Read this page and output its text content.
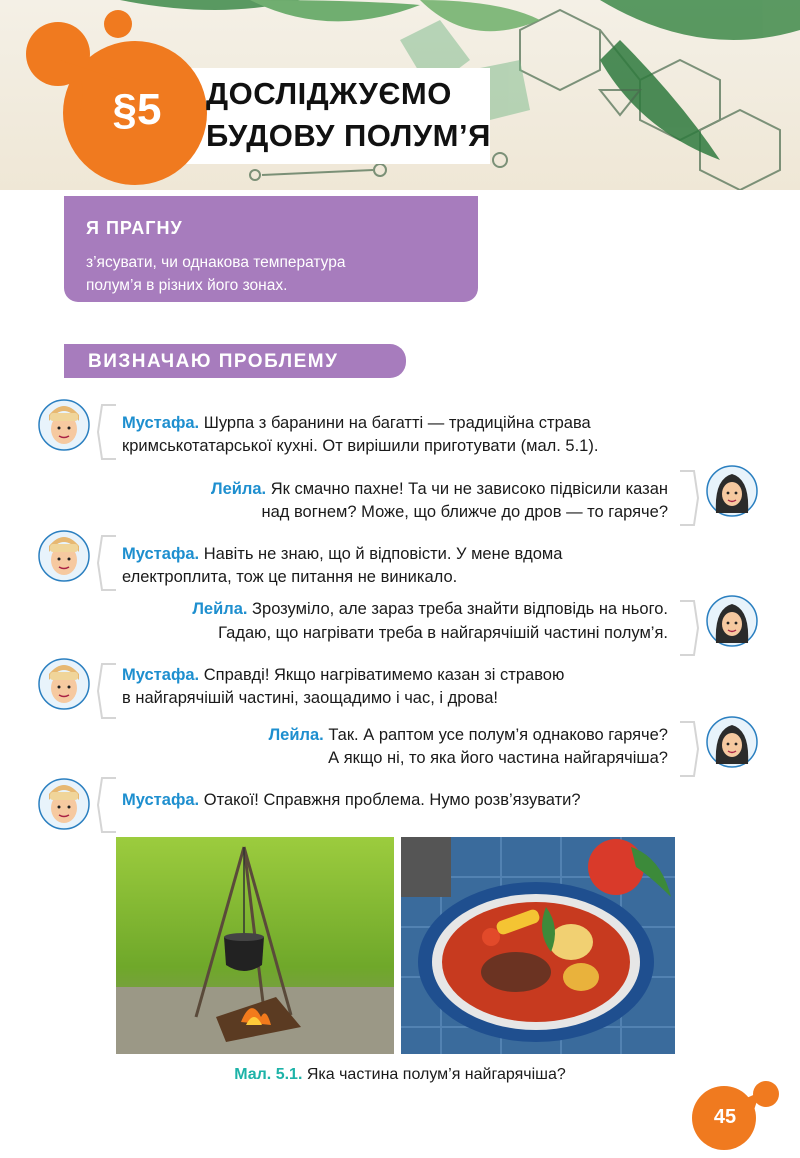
§5	ДОСЛІДЖУЄМО
БУДОВУ ПОЛУМ’Я
Я ПРАГНУ
з’ясувати, чи однакова температура
полум’я в різних його зонах.
ВИЗНАЧАЮ ПРОБЛЕМУ
Мустафа. Шурпа з баранини на багатті — традиційна страва
кримськотатарської кухні. От вирішили приготувати (мал. 5.1).
Лейла. Як смачно пахне! Та чи не зависоко підвісили казан
над вогнем? Може, що ближче до дров — то гаряче?
Мустафа. Навіть не знаю, що й відповісти. У мене вдома
електроплита, тож це питання не виникало.
Лейла. Зрозуміло, але зараз треба знайти відповідь на нього.
Гадаю, що нагрівати треба в найгарячішій частині полум’я.
Мустафа. Справді! Якщо нагріватимемо казан зі стравою
в найгарячішій частині, заощадимо і час, і дрова!
Лейла. Так. А раптом усе полум’я однаково гаряче?
А якщо ні, то яка його частина найгарячіша?
Мустафа. Отакої! Справжня проблема. Нумо розв’язувати?
Мал. 5.1. Яка частина полум’я найгарячіша?
45
